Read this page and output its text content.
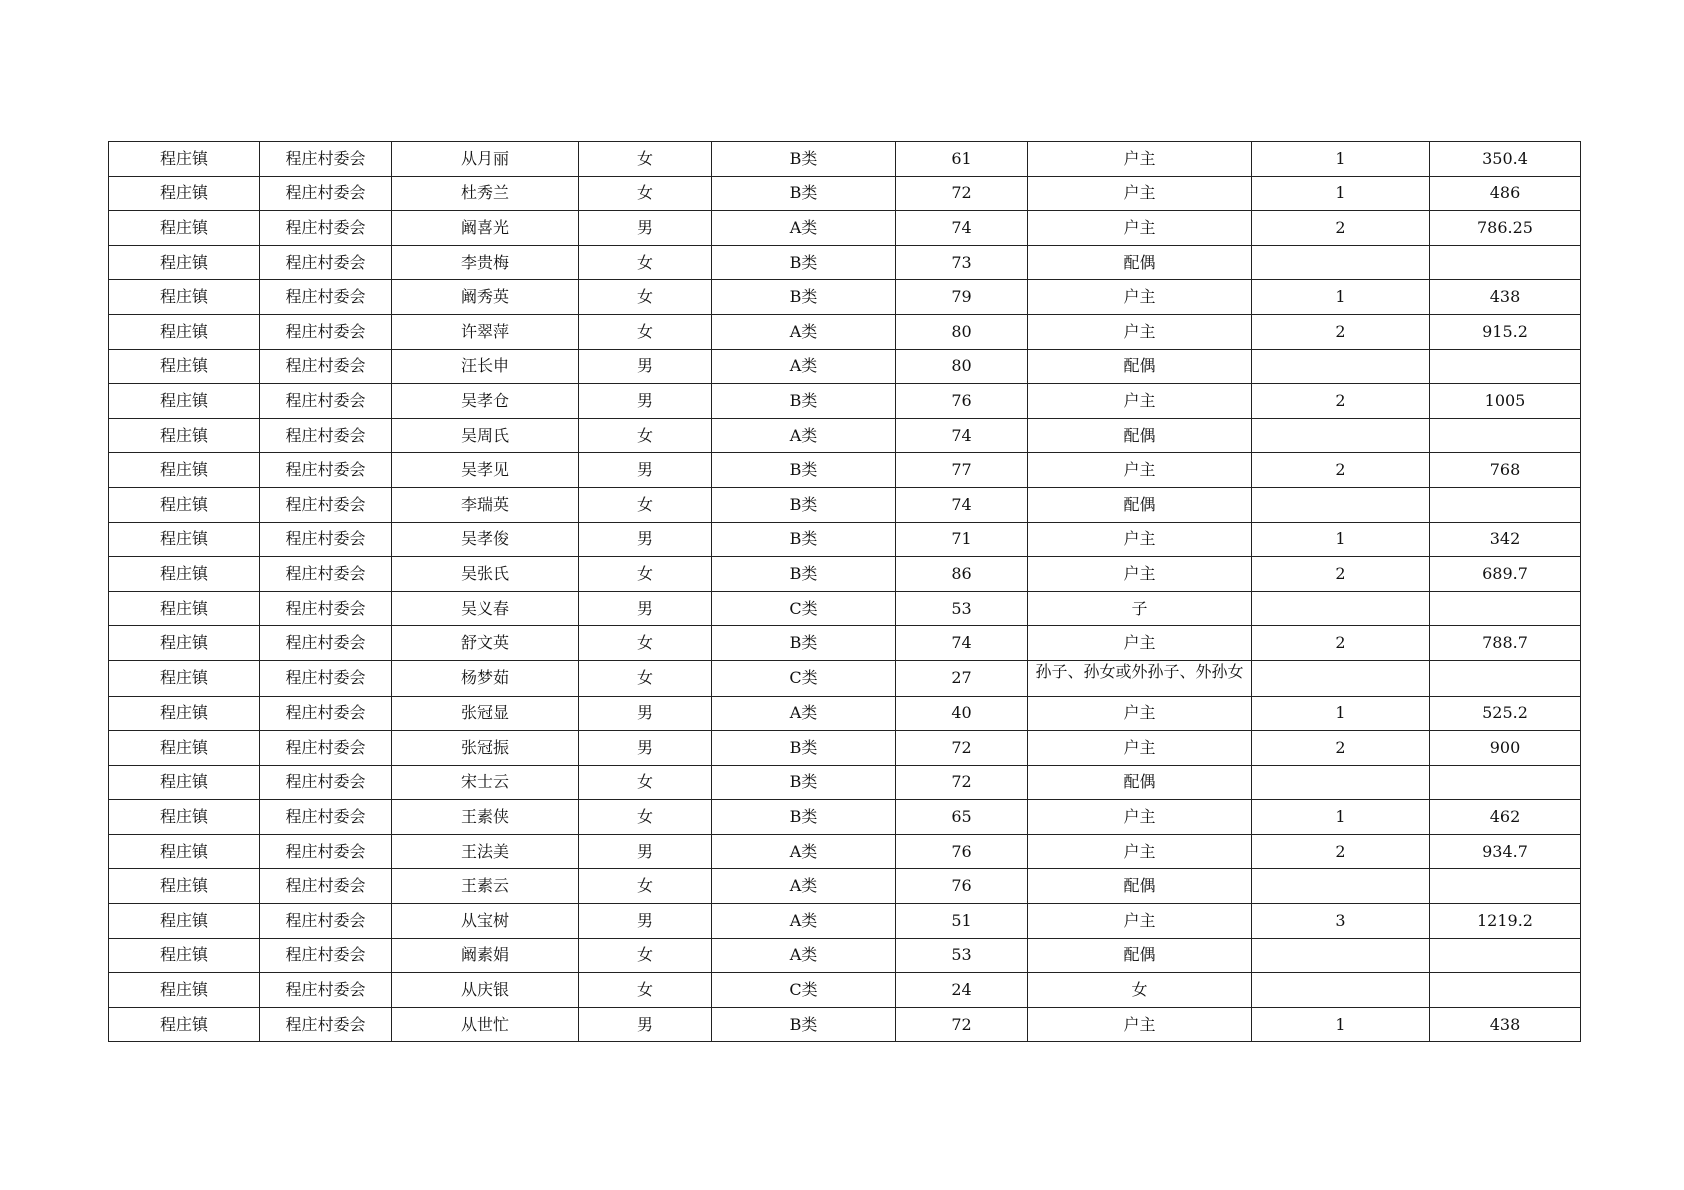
程庄镇	程庄村委会	从月丽	女	B类	61	户主	1	350.4
程庄镇	程庄村委会	杜秀兰	女	B类	72	户主	1	486
程庄镇	程庄村委会	阚喜光	男	A类	74	户主	2	786.25
程庄镇	程庄村委会	李贵梅	女	B类	73	配偶		
程庄镇	程庄村委会	阚秀英	女	B类	79	户主	1	438
程庄镇	程庄村委会	许翠萍	女	A类	80	户主	2	915.2
程庄镇	程庄村委会	汪长申	男	A类	80	配偶		
程庄镇	程庄村委会	吴孝仓	男	B类	76	户主	2	1005
程庄镇	程庄村委会	吴周氏	女	A类	74	配偶		
程庄镇	程庄村委会	吴孝见	男	B类	77	户主	2	768
程庄镇	程庄村委会	李瑞英	女	B类	74	配偶		
程庄镇	程庄村委会	吴孝俊	男	B类	71	户主	1	342
程庄镇	程庄村委会	吴张氏	女	B类	86	户主	2	689.7
程庄镇	程庄村委会	吴义春	男	C类	53	子		
程庄镇	程庄村委会	舒文英	女	B类	74	户主	2	788.7
程庄镇	程庄村委会	杨梦茹	女	C类	27	孙子、孙女或外孙子、外孙女		

程庄镇	程庄村委会	张冠显	男	A类	40	户主	1	525.2
程庄镇	程庄村委会	张冠振	男	B类	72	户主	2	900
程庄镇	程庄村委会	宋士云	女	B类	72	配偶		
程庄镇	程庄村委会	王素侠	女	B类	65	户主	1	462
程庄镇	程庄村委会	王法美	男	A类	76	户主	2	934.7
程庄镇	程庄村委会	王素云	女	A类	76	配偶		
程庄镇	程庄村委会	从宝树	男	A类	51	户主	3	1219.2
程庄镇	程庄村委会	阚素娟	女	A类	53	配偶		
程庄镇	程庄村委会	从庆银	女	C类	24	女		
程庄镇	程庄村委会	从世忙	男	B类	72	户主	1	438
